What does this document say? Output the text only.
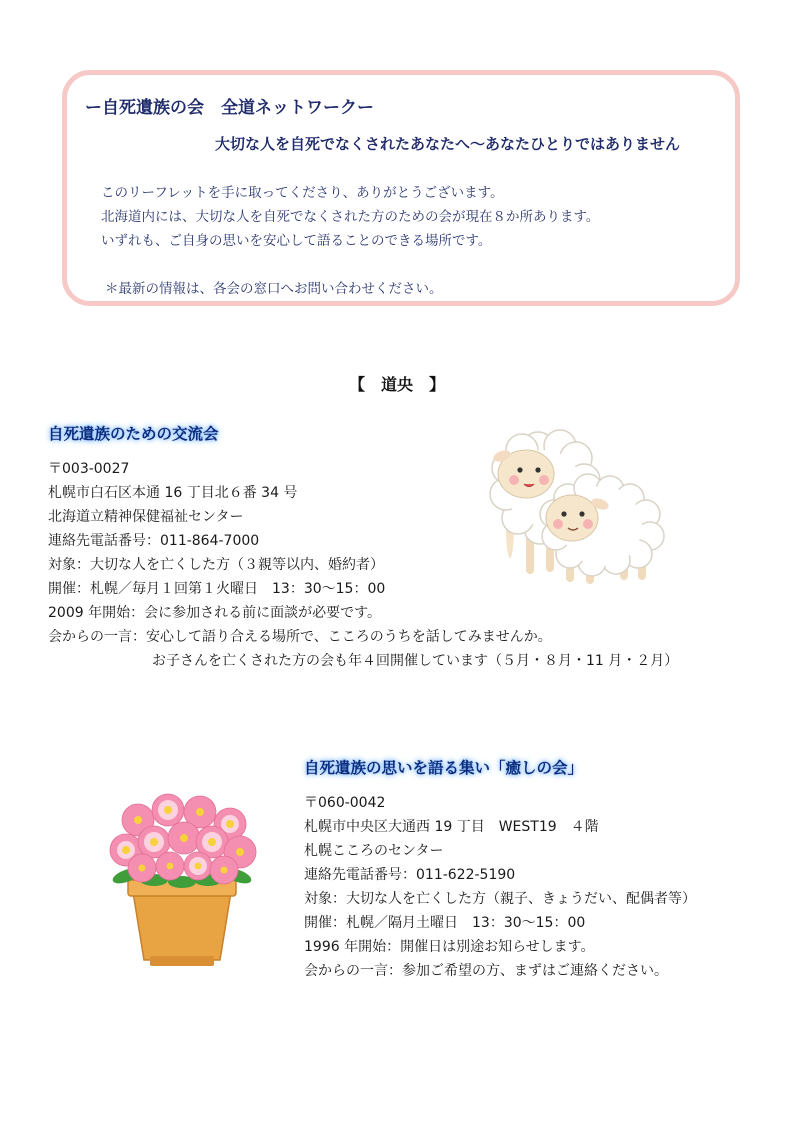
ー自死遺族の会　全道ネットワークー
大切な人を自死でなくされたあなたへ～あなたひとりではありません
このリーフレットを手に取ってくださり、ありがとうございます。
北海道内には、大切な人を自死でなくされた方のための会が現在８か所あります。
いずれも、ご自身の思いを安心して語ることのできる場所です。
＊最新の情報は、各会の窓口へお問い合わせください。
【　道央　】
自死遺族のための交流会
〒003-0027
札幌市白石区本通 16 丁目北６番 34 号
北海道立精神保健福祉センター
連絡先電話番号：011-864-7000
対象：大切な人を亡くした方（３親等以内、婚約者）
開催：札幌／毎月１回第１火曜日　13：30～15：00
2009 年開始：会に参加される前に面談が必要です。
会からの一言：安心して語り合える場所で、こころのうちを話してみませんか。
お子さんを亡くされた方の会も年４回開催しています（５月・８月・11 月・２月）
自死遺族の思いを語る集い「癒しの会」
〒060-0042
札幌市中央区大通西 19 丁目　WEST19　４階
札幌こころのセンター
連絡先電話番号：011-622-5190
対象：大切な人を亡くした方（親子、きょうだい、配偶者等）
開催：札幌／隔月土曜日　13：30～15：00
1996 年開始：開催日は別途お知らせします。
会からの一言：参加ご希望の方、まずはご連絡ください。
